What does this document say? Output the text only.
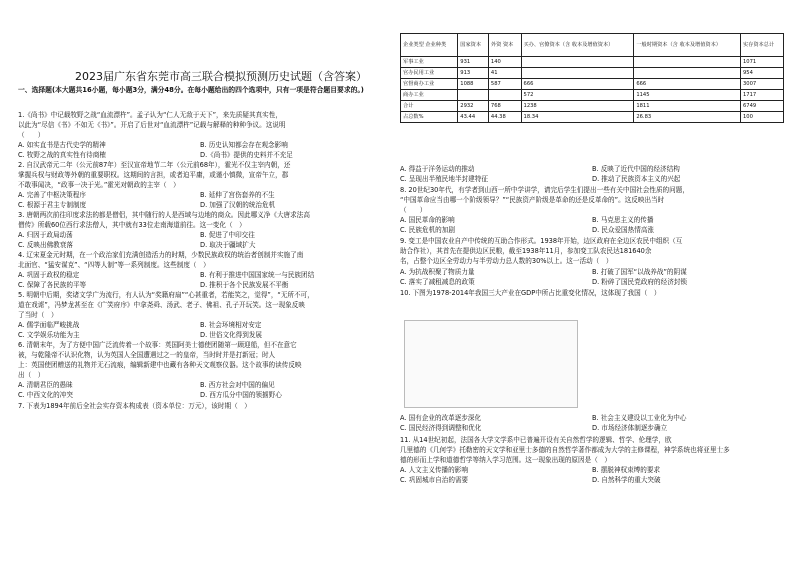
2023届广东省东莞市高三联合模拟预测历史试题（含答案）
一、选择题(本大题共16小题，每小题3分，满分48分。在每小题给出的四个选项中，只有一项是符合题目要求的。)
1.《尚书》中记载牧野之战“血流漂杵”。孟子认为“仁人无敌于天下”，来先质疑其真实性，
以此为“尽信《书》不如无《书》”。开启了后世对“血流漂杵”记载与解释的种种争议。这说明
（　　）
A. 如实直书是古代史学的精神	B. 历史认知都会存在观念影响
C. 牧野之战的真实性有待商榷	D.《尚书》提供的史料并不充足
2. 自汉武帝元二年（公元前87年）至汉宣帝地节二年（公元前68年），霍光不仅主宰内朝，还
掌握兵权与财政等外朝的重要职权。这期间的言担，或者迫平庸，或谨小慎微，宣帝午立，郡
不敢事闻决，“政事一决于光。”霍光对朝政的主宰（　）
A. 完善了中枢决策程序	B. 延伸了宫伤套养的不生
C. 根源于君主专制制度	D. 加强了汉朝的统治危机
3. 唐朝两次前往印度求法的都是僧侣，其中随行的人是西域与边地的商众。因此哪义净《大唐求法高
僧传》所载60位西行求法僧人，其中就有33位走南海道前往。这一变化（　）
A. 归因于政局动荡	B. 促进了中印交往
C. 反映出佛教衰落	D. 取决于疆域扩大
4. 辽宋夏金元时期，在一个政治家们充满创造活力的时期，少数民族政权的统治者创制并实施了南
北面官、“猛安谋克”、“四等人制”等一系列制度。这些制度（　）
A. 巩固于政权的稳定	B. 有利于推进中国国家统一与民族团结
C. 保障了各民族的平等	D. 推积于各个民族发展不平衡
5. 明朝中后期，奖诸文学广为流行，有人认为“奖籍府扇”“心甚重者，若能笑之，觉得”，“无所不可，
道在戏谑”，冯梦龙甚至在《广笑府序》中拿尧舜、汤武、老子、佛祖、孔子开玩笑。这一现象反映
了当时（　）
A. 儒学面临严峻挑战	B. 社会环境相对安定
C. 文学娱乐功能为主	D. 世俗文化得到发展
6. 清朝末年，为了方便中国广泛流传着一个故事：英国阿美士德使团随第一顾迎船，但不在意它
被，与乾隆帝不认识化物，认为英国人全国遭遇过之一的皇帝，当时时并是打新冠；时人
上：英国使团赠送的礼物并无石流痕，编辑新建中也藏有各种天文观察仪器。这个故事的读传反映
出（　）
A. 清朝君臣的愚昧	B. 西方社会对中国的偏见
C. 中西文化的冲突	D. 西方瓜分中国的领掳野心
7. 下表为1894年前后全社会实存资本构成表（资本单位：万元），该时期（　）
A. 得益于洋务运动的推动	B. 反映了近代中国的经济结构
C. 呈现出半殖民地半封建特征	D. 推动了民族资本主义的兴起
8. 20世纪30年代，有学者到山西一所中学讲学，请完后学生们提出一些有关中国社会性质的问题，
“中国革命应当由哪一个阶级领导？”“民族资产阶级是革命的还是反革命的”。这反映出当时
（　　）
A. 国民革命的影响	B. 马克思主义的传播
C. 民族危机的加剧	D. 民众爱国热情高涨
9. 变工是中国农业自产中传统的互助合作形式。1938年开始，边区政府在全边区农民中组织（互
助合作社），其首先在提供边区民粮，截至1938年11月，参加变工队农民达181640余
名，占整个边区全劳动力与半劳动力总人数的30%以上。这一活动（　）
A. 为抗战积聚了物质力量	B. 打破了国军“以战养战”的阴谋
C. 落实了减租减息的政策	D. 粉碎了国民党政府的经济封锁
10. 下图为1978-2014年我国三大产业在GDP中所占比重变化情况，这体现了我国（　）
企业类型 企业种类	国家资本	外资 资本	买办、官僚资本（含 收本及增值资本）	一般时期资本（含 收本及增值资本）	实存资本总计
军事工业	931	140			1071
官办民用工业	913	41			954
官督商办工业	1088	587	666	666	3007
商办工业			572	1145	1717
合计	2932	768	1238	1811	6749
占总数%	43.44	44.38	18.34	26.83	100
A. 国有企业的改革逐步深化	B. 社会主义建设以工业化为中心
C. 国民经济得到调整和优化	D. 市场经济体制逐步确立
11. 从14世纪初起，法国各大学文学系中已普遍开设有关自然哲学的逻辑、哲学、伦理学，欧
几里德的《几何学》托勒密的天文学和亚里士多德的自然哲学著作都成为大学的主修课程，神学系统也将亚里士多
德的形而上学和道德哲学等纳入学习范围。这一现象出现的原因是（　）
A. 人文主义传播的影响	B. 摆脱神权束缚的要求
C. 巩固城市自治的需要	D. 自然科学的重大突破
